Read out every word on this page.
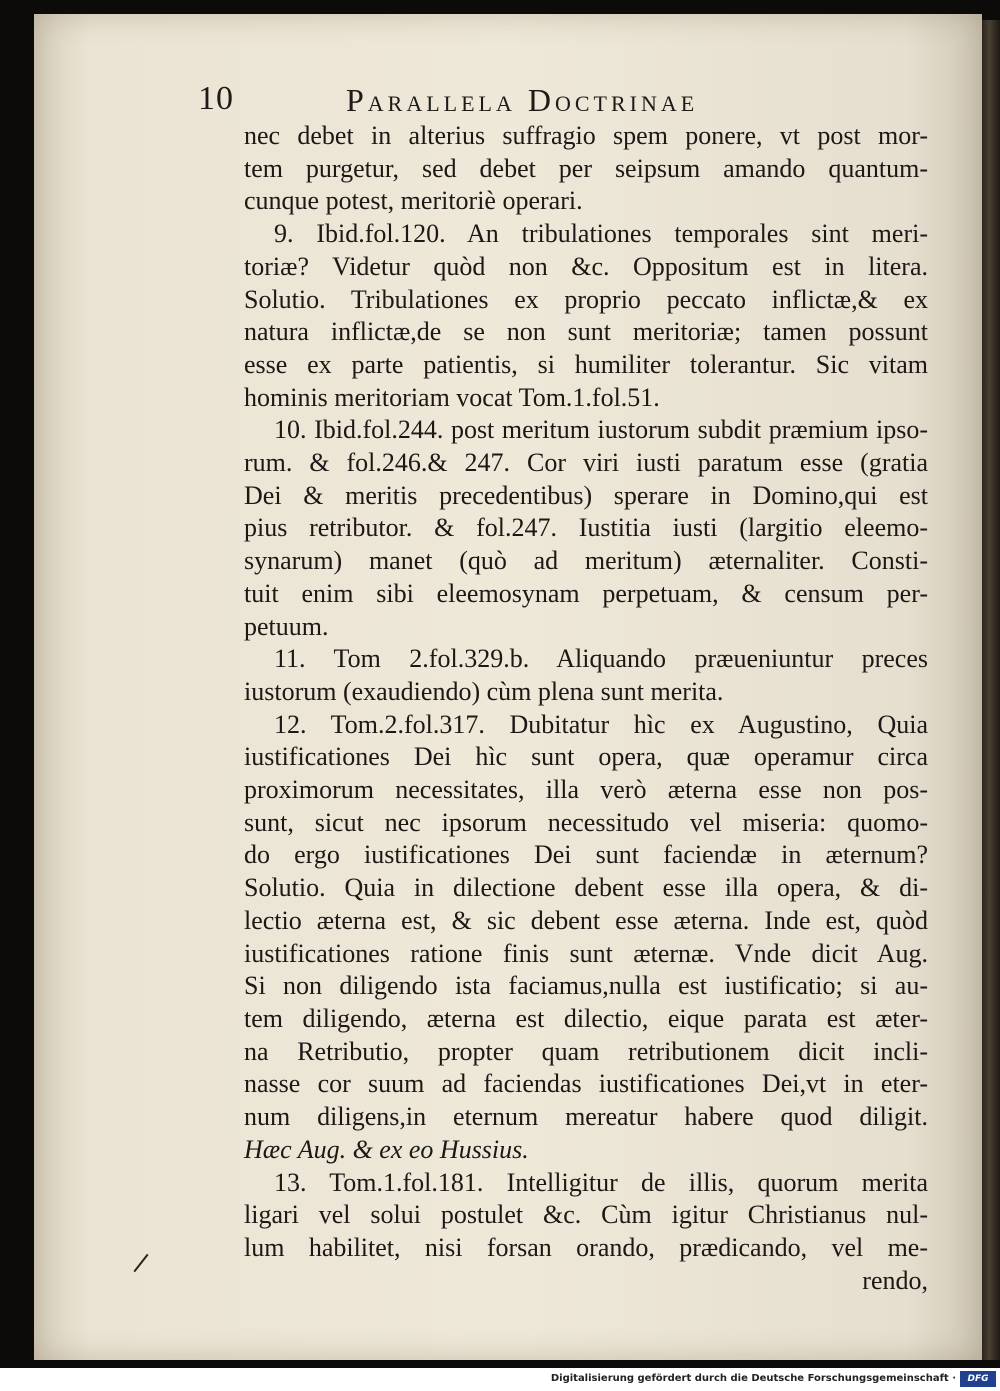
10	Parallela Doctrinae
nec debet in alterius suffragio spem ponere, vt post mor-
tem purgetur, sed debet per seipsum amando quantum-
cunque potest, meritoriè operari.
9. Ibid.fol.120. An tribulationes temporales sint meri-
toriæ? Videtur quòd non &c. Oppositum est in litera.
Solutio. Tribulationes ex proprio peccato inflictæ,& ex
natura inflictæ,de se non sunt meritoriæ; tamen possunt
esse ex parte patientis, si humiliter tolerantur. Sic vitam
hominis meritoriam vocat Tom.1.fol.51.
10. Ibid.fol.244. post meritum iustorum subdit præmium ipso-
rum. & fol.246.& 247. Cor viri iusti paratum esse (gratia
Dei & meritis precedentibus) sperare in Domino,qui est
pius retributor. & fol.247. Iustitia iusti (largitio eleemo-
synarum) manet (quò ad meritum) æternaliter. Consti-
tuit enim sibi eleemosynam perpetuam, & censum per-
petuum.
11. Tom 2.fol.329.b. Aliquando præueniuntur preces
iustorum (exaudiendo) cùm plena sunt merita.
12. Tom.2.fol.317. Dubitatur hìc ex Augustino, Quia
iustificationes Dei hìc sunt opera, quæ operamur circa
proximorum necessitates, illa verò æterna esse non pos-
sunt, sicut nec ipsorum necessitudo vel miseria: quomo-
do ergo iustificationes Dei sunt faciendæ in æternum?
Solutio. Quia in dilectione debent esse illa opera, & di-
lectio æterna est, & sic debent esse æterna. Inde est, quòd
iustificationes ratione finis sunt æternæ. Vnde dicit Aug.
Si non diligendo ista faciamus,nulla est iustificatio; si au-
tem diligendo, æterna est dilectio, eique parata est æter-
na Retributio, propter quam retributionem dicit incli-
nasse cor suum ad faciendas iustificationes Dei,vt in eter-
num diligens,in eternum mereatur habere quod diligit.
Hæc Aug. & ex eo Hussius.
13. Tom.1.fol.181. Intelligitur de illis, quorum merita
ligari vel solui postulet &c. Cùm igitur Christianus nul-
lum habilitet, nisi forsan orando, prædicando, vel me-
rendo,
Digitalisierung gefördert durch die Deutsche Forschungsgemeinschaft ·	DFG
